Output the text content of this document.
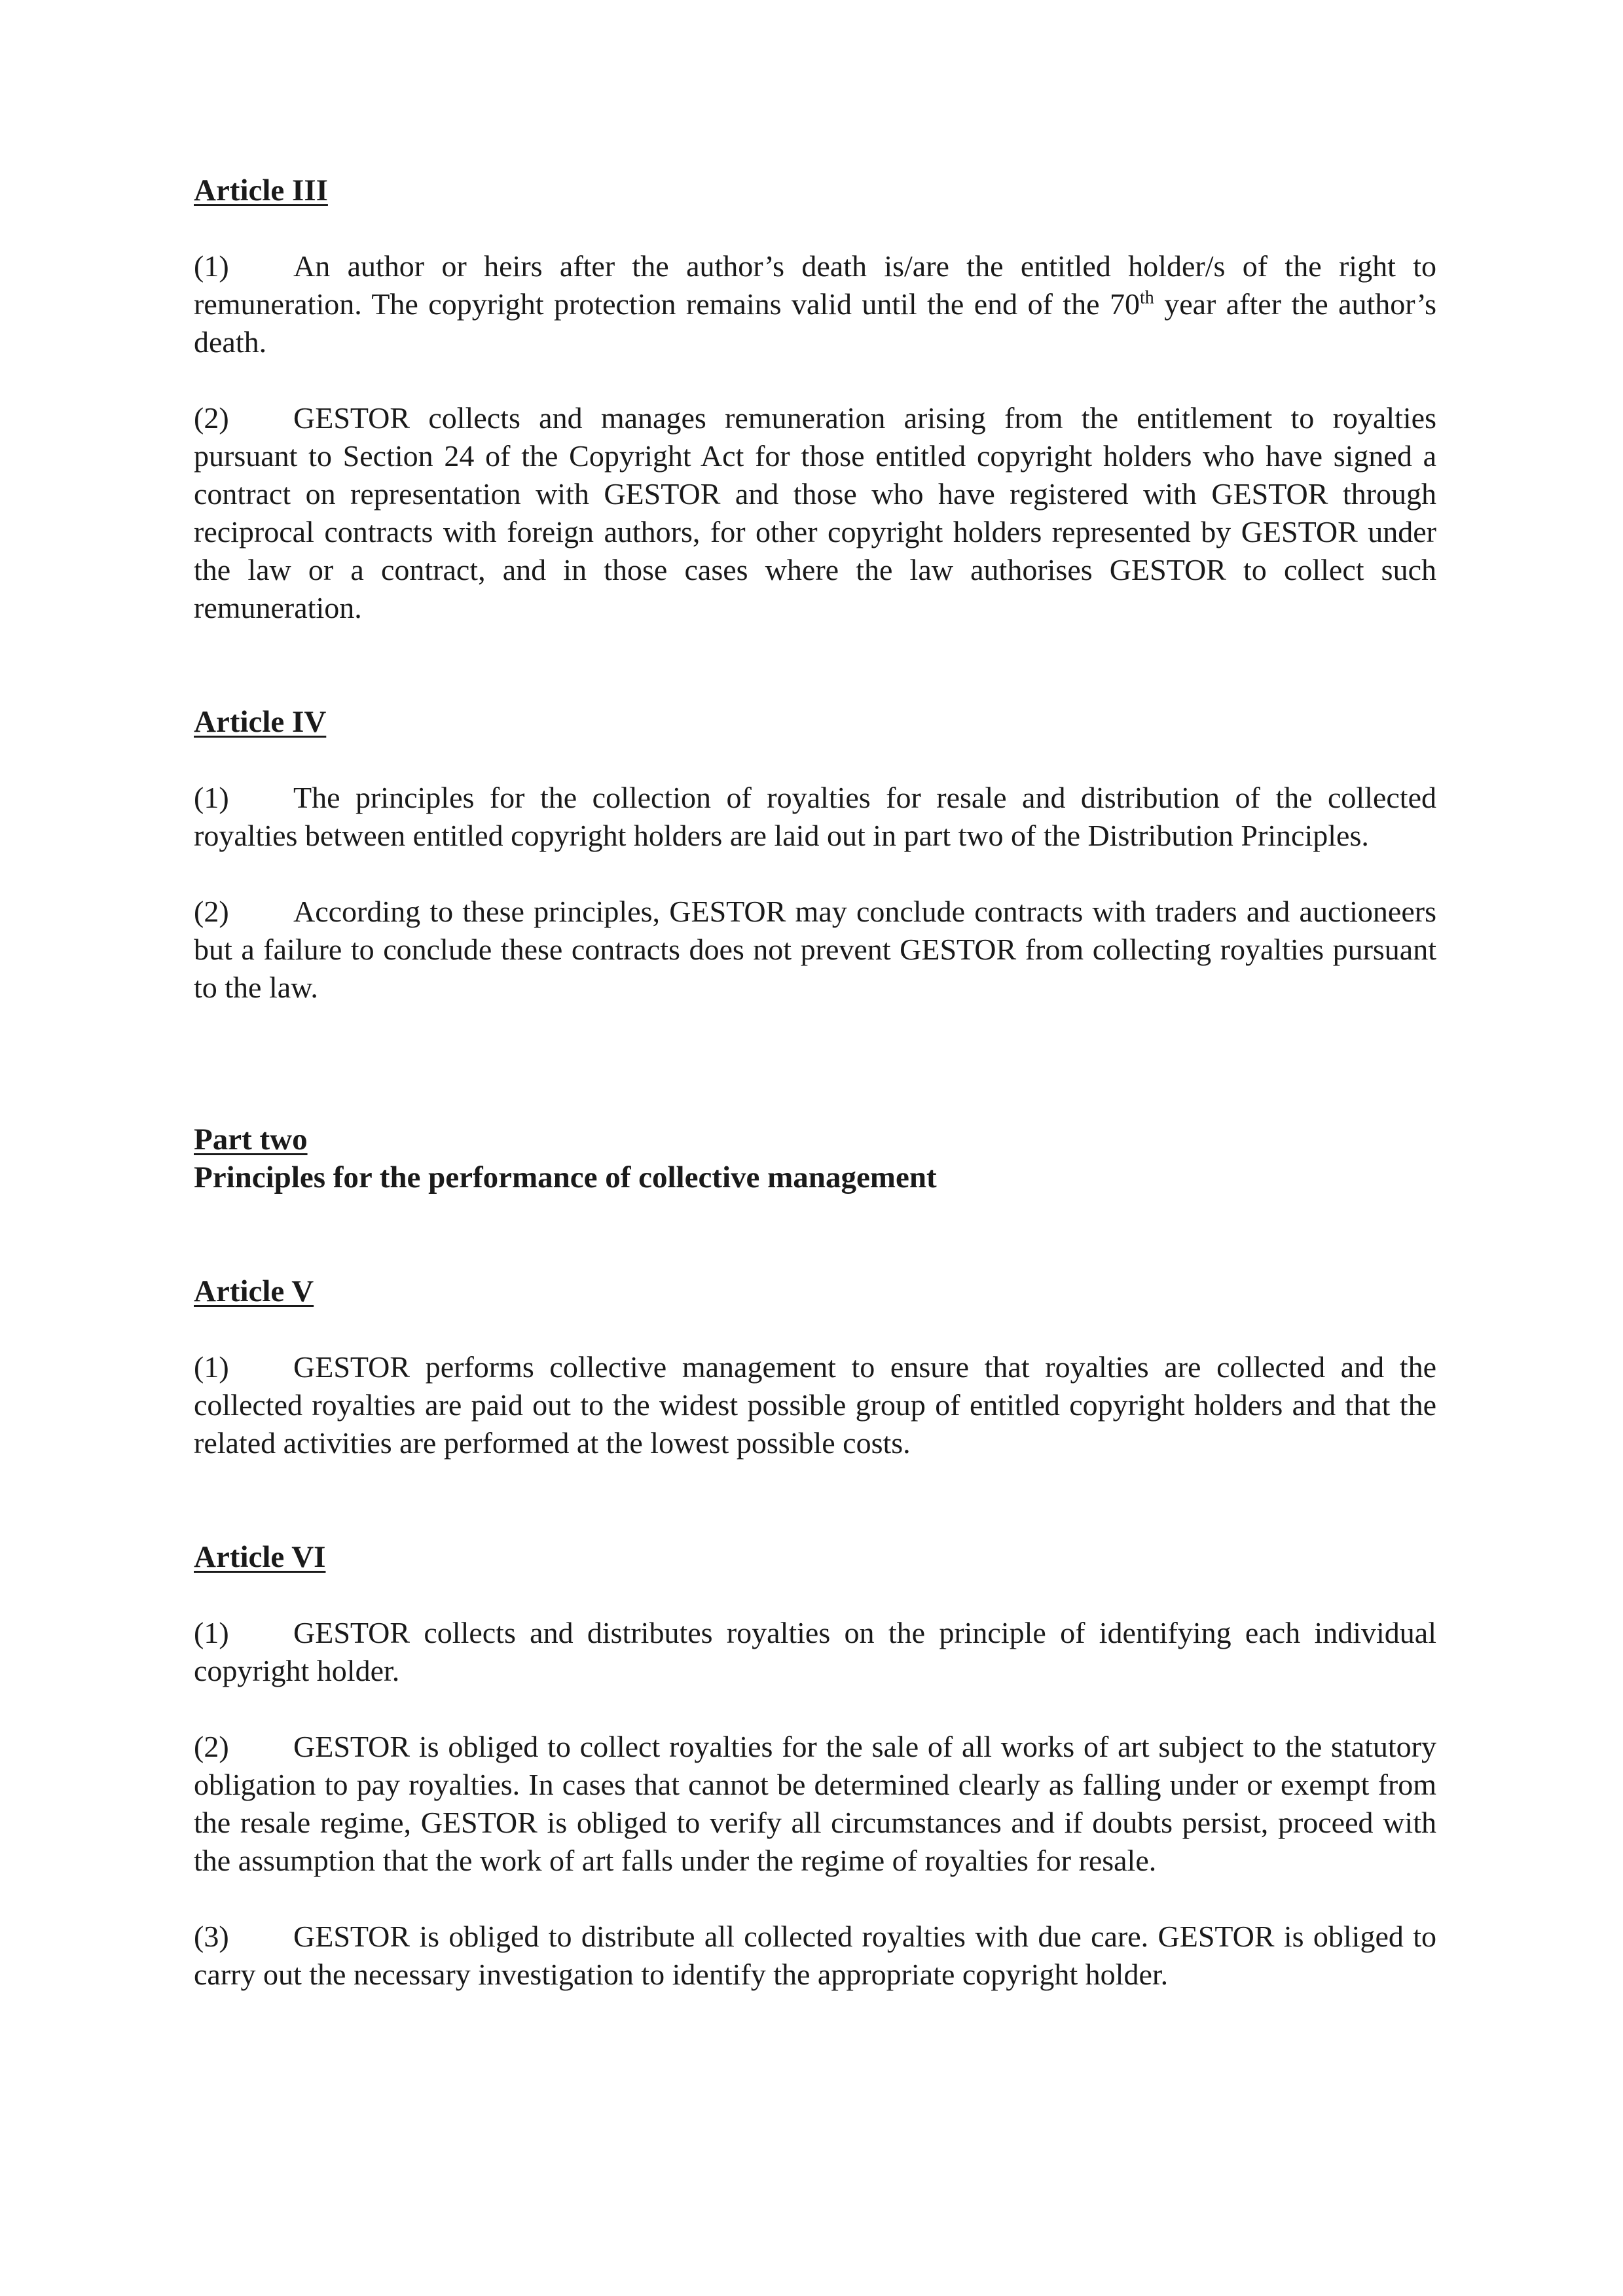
Article III

(1) An author or heirs after the author’s death is/are the entitled holder/s of the right to remuneration. The copyright protection remains valid until the end of the 70th year after the author’s death.

(2) GESTOR collects and manages remuneration arising from the entitlement to royalties pursuant to Section 24 of the Copyright Act for those entitled copyright holders who have signed a contract on representation with GESTOR and those who have registered with GESTOR through reciprocal contracts with foreign authors, for other copyright holders represented by GESTOR under the law or a contract, and in those cases where the law authorises GESTOR to collect such remuneration.

Article IV

(1) The principles for the collection of royalties for resale and distribution of the collected royalties between entitled copyright holders are laid out in part two of the Distribution Principles.

(2) According to these principles, GESTOR may conclude contracts with traders and auctioneers but a failure to conclude these contracts does not prevent GESTOR from collecting royalties pursuant to the law.

Part two

Principles for the performance of collective management

Article V

(1) GESTOR performs collective management to ensure that royalties are collected and the collected royalties are paid out to the widest possible group of entitled copyright holders and that the related activities are performed at the lowest possible costs.

Article VI

(1) GESTOR collects and distributes royalties on the principle of identifying each individual copyright holder.

(2) GESTOR is obliged to collect royalties for the sale of all works of art subject to the statutory obligation to pay royalties. In cases that cannot be determined clearly as falling under or exempt from the resale regime, GESTOR is obliged to verify all circumstances and if doubts persist, proceed with the assumption that the work of art falls under the regime of royalties for resale.

(3) GESTOR is obliged to distribute all collected royalties with due care. GESTOR is obliged to carry out the necessary investigation to identify the appropriate copyright holder.
